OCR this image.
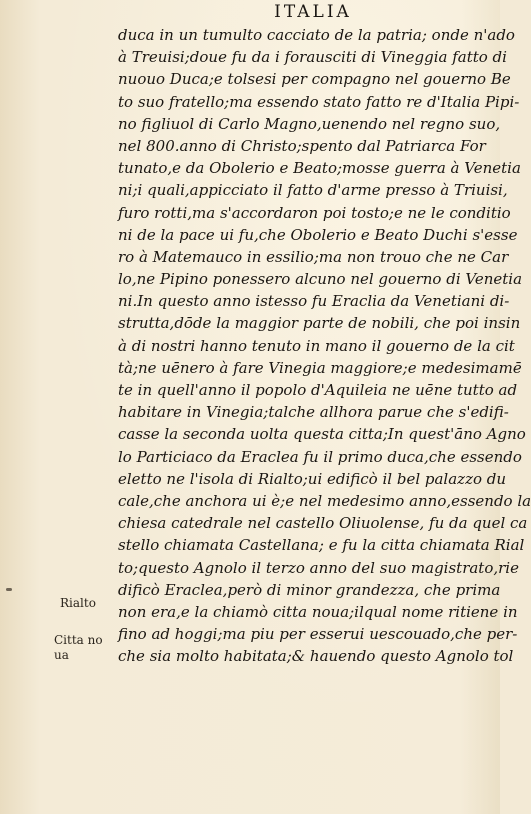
ITALIA
duca in un tumulto cacciato de la patria; onde n'ado
à Treuisi;doue fu da i forausciti di Vineggia fatto di
nuouo Duca;e tolsesi per compagno nel gouerno Be
to suo fratello;ma essendo stato fatto re d'Italia Pipi-
no figliuol di Carlo Magno,uenendo nel regno suo,
nel 800.anno di Christo;spento dal Patriarca For
tunato,e da Obolerio e Beato;mosse guerra à Venetia
ni;i quali,appicciato il fatto d'arme presso à Triuisi,
furo rotti,ma s'accordaron poi tosto;e ne le conditio
ni de la pace ui fu,che Obolerio e Beato Duchi s'esse
ro à Matemauco in essilio;ma non trouo che ne Car
lo,ne Pipino ponessero alcuno nel gouerno di Venetia
ni.In questo anno istesso fu Eraclia da Venetiani di-
strutta,dōde la maggior parte de nobili, che poi insin
à di nostri hanno tenuto in mano il gouerno de la cit
tà;ne uēnero à fare Vinegia maggiore;e medesimamē
te in quell'anno il popolo d'Aquileia ne uēne tutto ad
habitare in Vinegia;talche allhora parue che s'edifi-
casse la seconda uolta questa citta;In quest'āno Agno
lo Particiaco da Eraclea fu il primo duca,che essendo
eletto ne l'isola di Rialto;ui edificò il bel palazzo du
cale,che anchora ui è;e nel medesimo anno,essendo la
chiesa catedrale nel castello Oliuolense, fu da quel ca
stello chiamata Castellana; e fu la citta chiamata Rial
to;questo Agnolo il terzo anno del suo magistrato,rie
dificò Eraclea,però di minor grandezza, che prima
non era,e la chiamò citta noua;ilqual nome ritiene in
fino ad hoggi;ma piu per esserui uescouado,che per-
che sia molto habitata;& hauendo questo Agnolo tol
Rialto
Citta no
ua
